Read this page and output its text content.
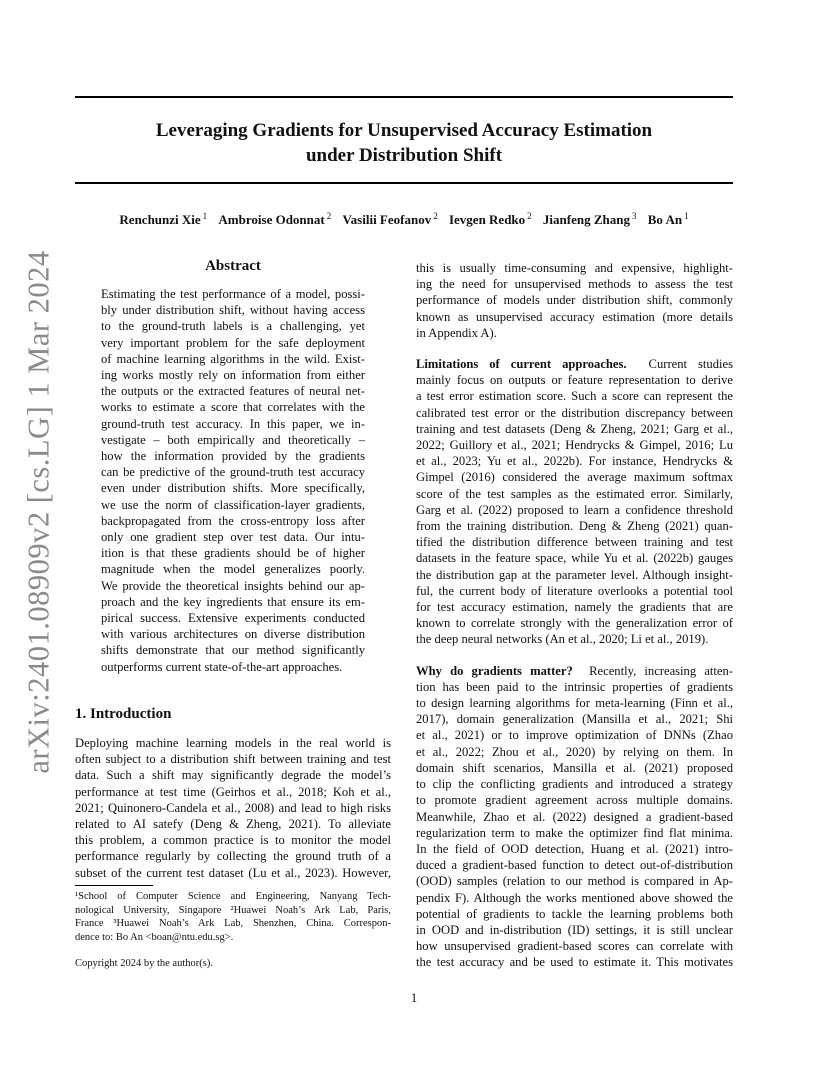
Leveraging Gradients for Unsupervised Accuracy Estimation
under Distribution Shift
Renchunzi Xie $^1$ Ambroise Odonnat $^2$ Vasilii Feofanov $^2$ Ievgen Redko $^2$ Jianfeng Zhang $^3$ Bo An $^1$
arXiv:2401.08909v2 [cs.LG] 1 Mar 2024	Abstract
Estimating the test performance of a model, possi-
bly under distribution shift, without having access
to the ground-truth labels is a challenging, yet
very important problem for the safe deployment
of machine learning algorithms in the wild. Exist-
ing works mostly rely on information from either
the outputs or the extracted features of neural net-
works to estimate a score that correlates with the
ground-truth test accuracy. In this paper, we in-
vestigate – both empirically and theoretically –
how the information provided by the gradients
can be predictive of the ground-truth test accuracy
even under distribution shifts. More specifically,
we use the norm of classification-layer gradients,
backpropagated from the cross-entropy loss after
only one gradient step over test data. Our intu-
ition is that these gradients should be of higher
magnitude when the model generalizes poorly.
We provide the theoretical insights behind our ap-
proach and the key ingredients that ensure its em-
pirical success. Extensive experiments conducted
with various architectures on diverse distribution
shifts demonstrate that our method significantly
outperforms current state-of-the-art approaches.
1. Introduction
Deploying machine learning models in the real world is
often subject to a distribution shift between training and test
data. Such a shift may significantly degrade the model’s
performance at test time (Geirhos et al., 2018; Koh et al.,
2021; Quinonero-Candela et al., 2008) and lead to high risks
related to AI satefy (Deng & Zheng, 2021). To alleviate
this problem, a common practice is to monitor the model
performance regularly by collecting the ground truth of a
subset of the current test dataset (Lu et al., 2023). However,
¹School of Computer Science and Engineering, Nanyang Tech-
nological University, Singapore ²Huawei Noah’s Ark Lab, Paris,
France ³Huawei Noah’s Ark Lab, Shenzhen, China. Correspon-
dence to: Bo An <boan@ntu.edu.sg>.
Copyright 2024 by the author(s).
this is usually time-consuming and expensive, highlight-
ing the need for unsupervised methods to assess the test
performance of models under distribution shift, commonly
known as unsupervised accuracy estimation (more details
in Appendix A).
Limitations of current approaches. Current studies
mainly focus on outputs or feature representation to derive
a test error estimation score. Such a score can represent the
calibrated test error or the distribution discrepancy between
training and test datasets (Deng & Zheng, 2021; Garg et al.,
2022; Guillory et al., 2021; Hendrycks & Gimpel, 2016; Lu
et al., 2023; Yu et al., 2022b). For instance, Hendrycks &
Gimpel (2016) considered the average maximum softmax
score of the test samples as the estimated error. Similarly,
Garg et al. (2022) proposed to learn a confidence threshold
from the training distribution. Deng & Zheng (2021) quan-
tified the distribution difference between training and test
datasets in the feature space, while Yu et al. (2022b) gauges
the distribution gap at the parameter level. Although insight-
ful, the current body of literature overlooks a potential tool
for test accuracy estimation, namely the gradients that are
known to correlate strongly with the generalization error of
the deep neural networks (An et al., 2020; Li et al., 2019).
Why do gradients matter? Recently, increasing atten-
tion has been paid to the intrinsic properties of gradients
to design learning algorithms for meta-learning (Finn et al.,
2017), domain generalization (Mansilla et al., 2021; Shi
et al., 2021) or to improve optimization of DNNs (Zhao
et al., 2022; Zhou et al., 2020) by relying on them. In
domain shift scenarios, Mansilla et al. (2021) proposed
to clip the conflicting gradients and introduced a strategy
to promote gradient agreement across multiple domains.
Meanwhile, Zhao et al. (2022) designed a gradient-based
regularization term to make the optimizer find flat minima.
In the field of OOD detection, Huang et al. (2021) intro-
duced a gradient-based function to detect out-of-distribution
(OOD) samples (relation to our method is compared in Ap-
pendix F). Although the works mentioned above showed the
potential of gradients to tackle the learning problems both
in OOD and in-distribution (ID) settings, it is still unclear
how unsupervised gradient-based scores can correlate with
the test accuracy and be used to estimate it. This motivates
1
